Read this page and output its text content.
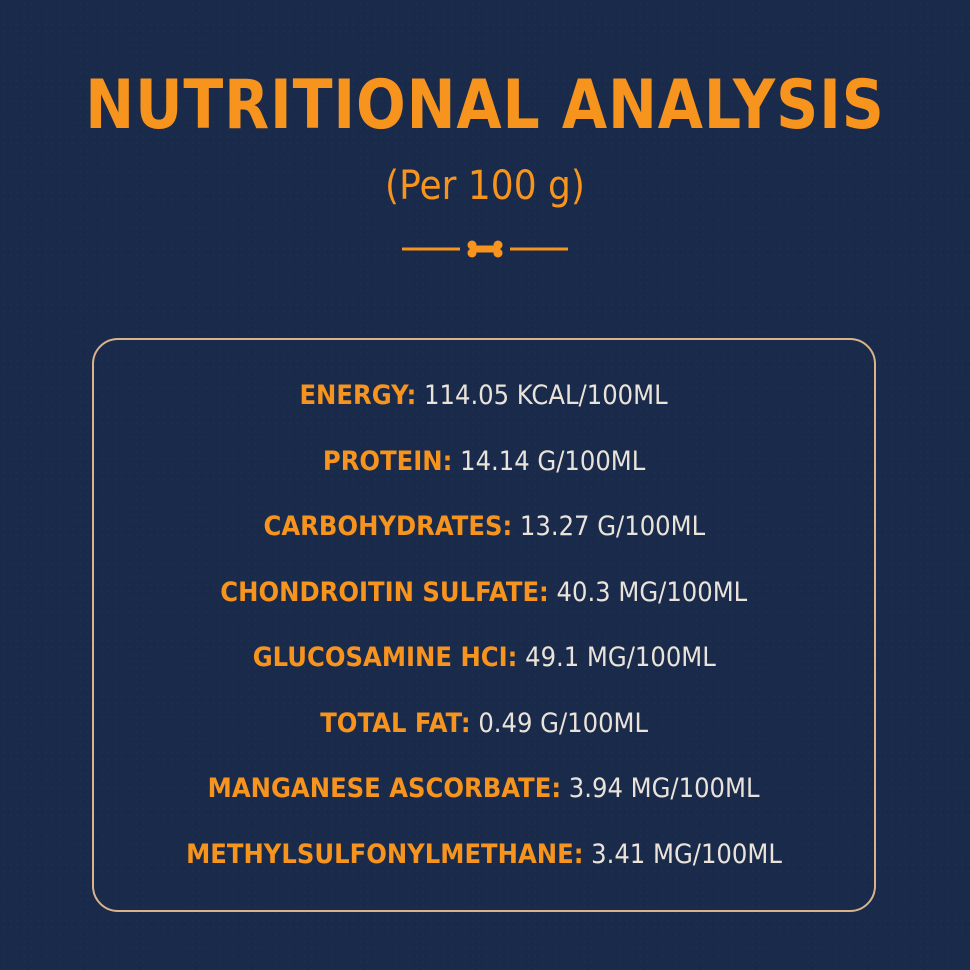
NUTRITIONAL ANALYSIS
(Per 100 g)
ENERGY: 114.05 KCAL/100ML
PROTEIN: 14.14 G/100ML
CARBOHYDRATES: 13.27 G/100ML
CHONDROITIN SULFATE: 40.3 MG/100ML
GLUCOSAMINE HCI: 49.1 MG/100ML
TOTAL FAT: 0.49 G/100ML
MANGANESE ASCORBATE: 3.94 MG/100ML
METHYLSULFONYLMETHANE: 3.41 MG/100ML
